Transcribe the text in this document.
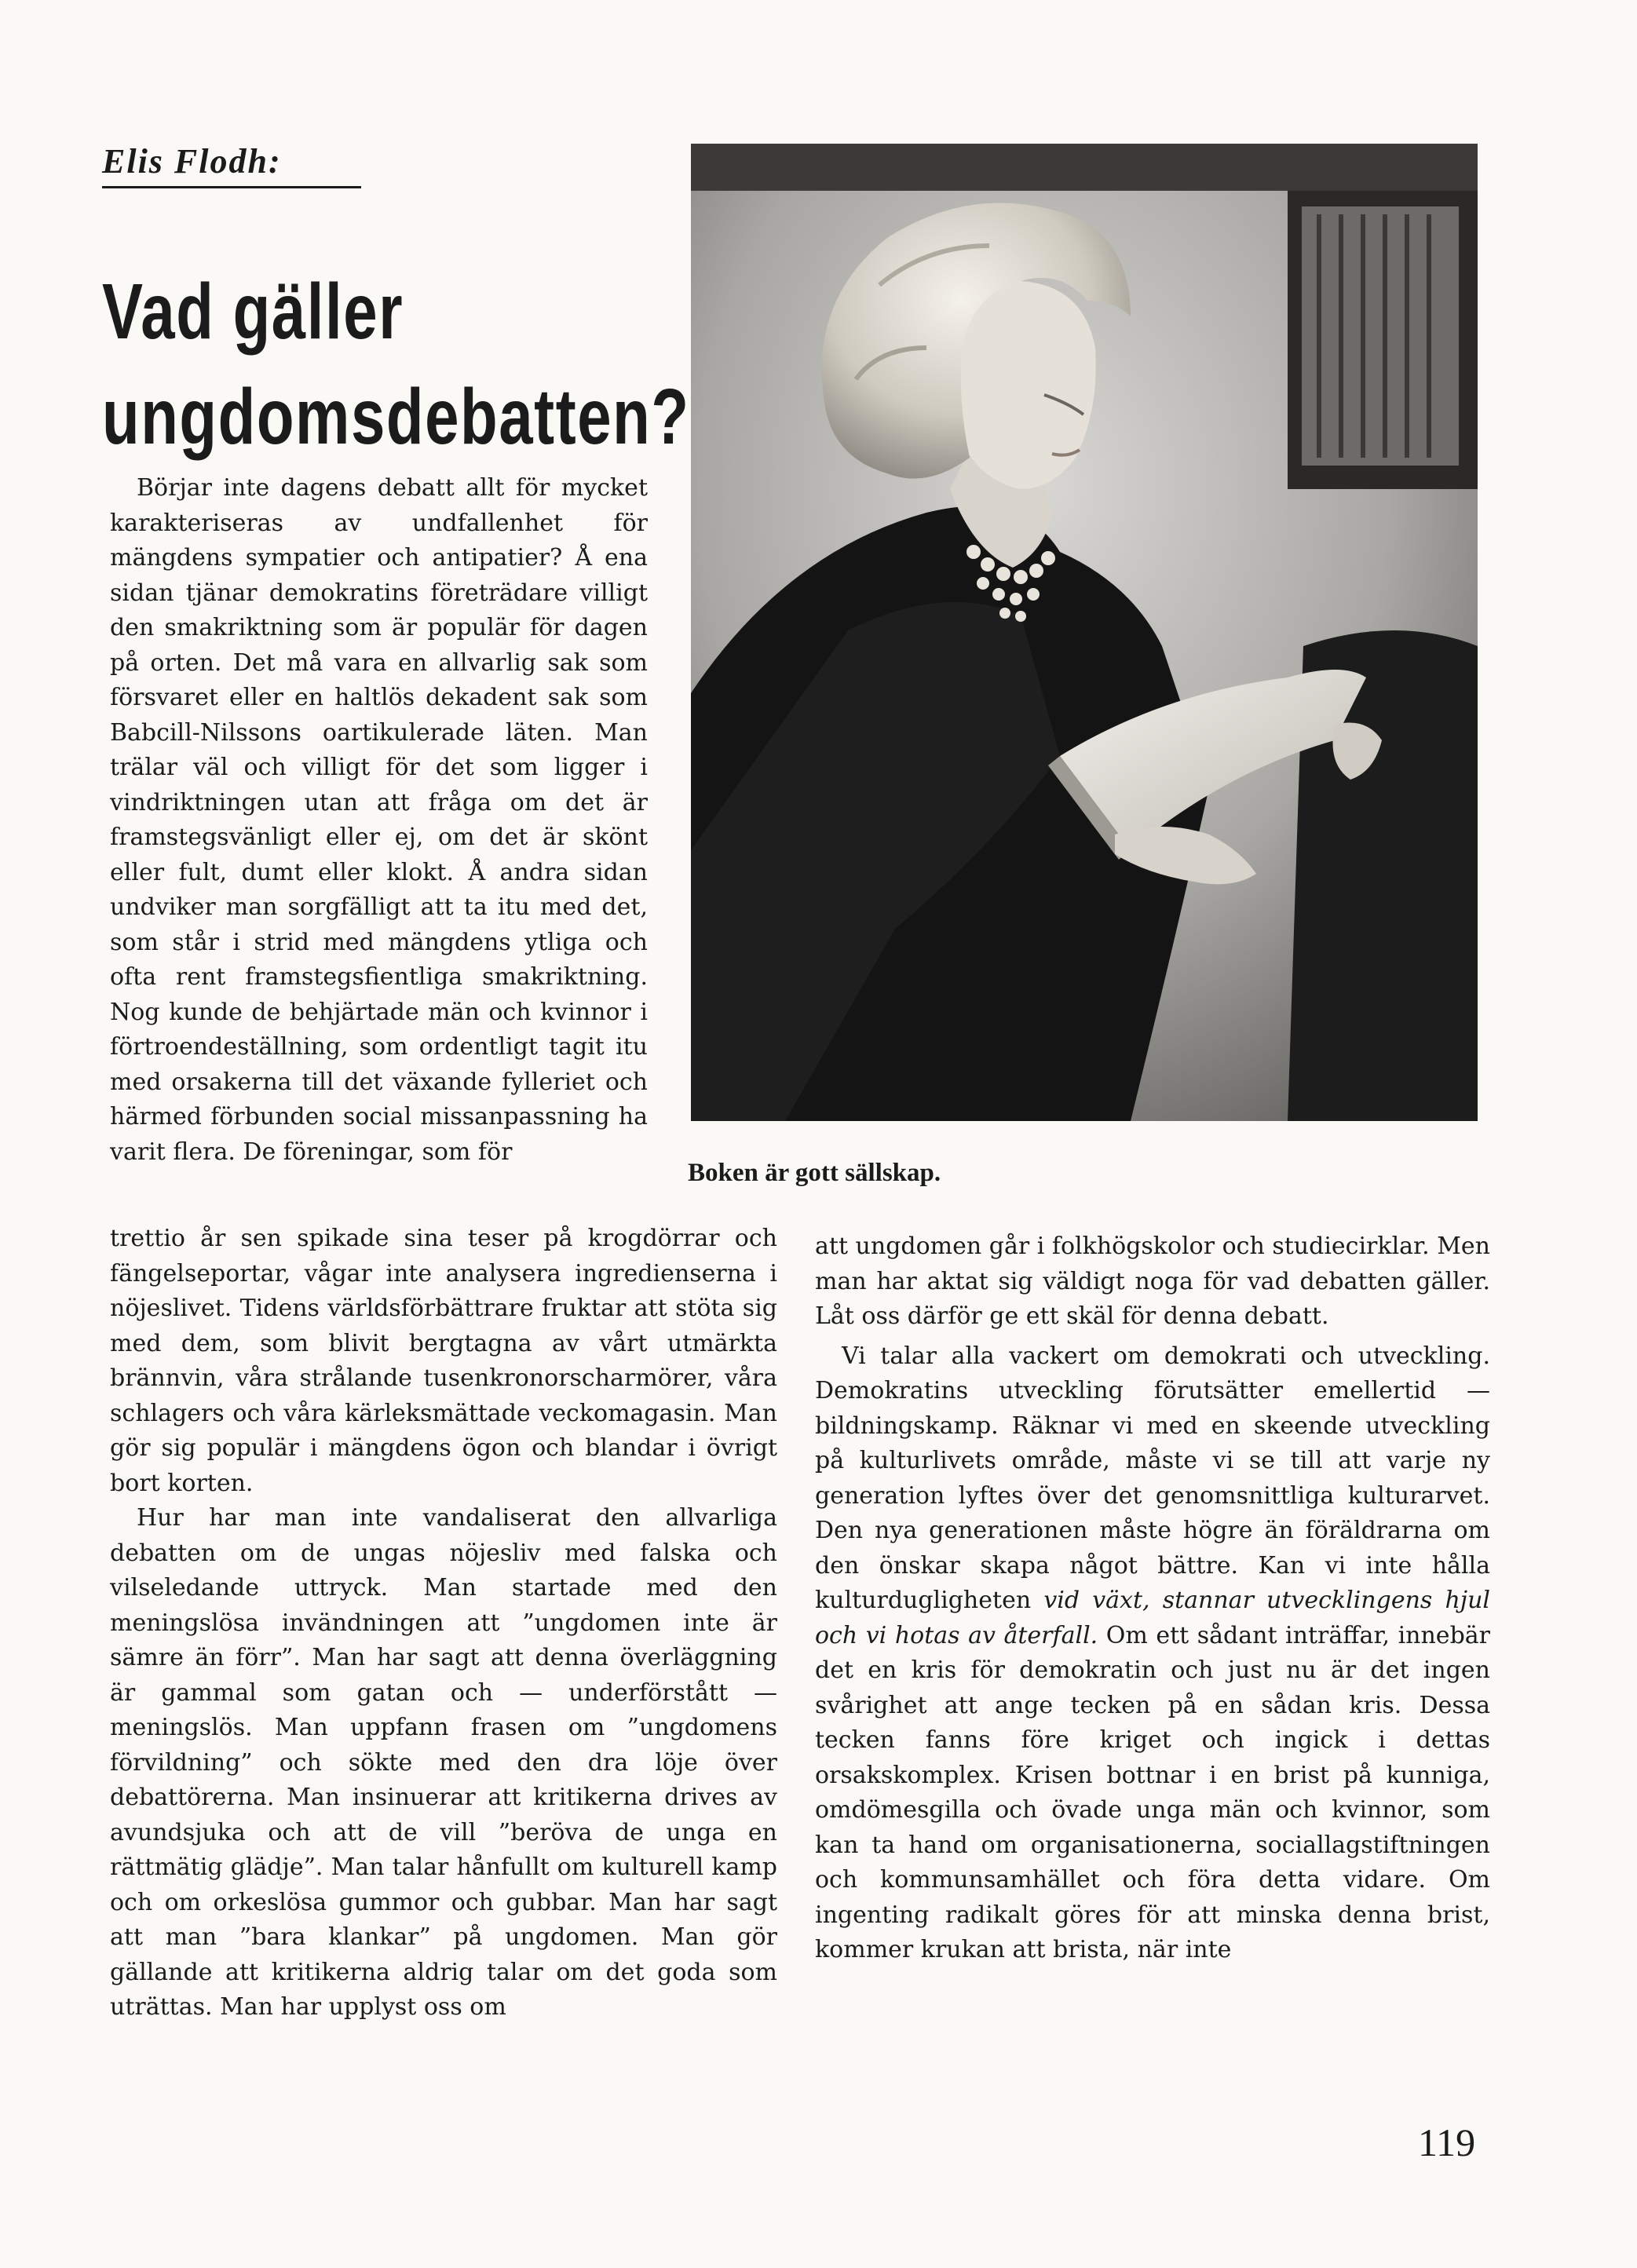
Elis Flodh:
Vad gäller
ungdomsdebatten?
Boken är gott sällskap.

Börjar inte dagens debatt allt för mycket karakteriseras av undfallenhet för mängdens sympatier och antipatier? Å ena sidan tjänar demokratins företrädare villigt den smakriktning som är populär för dagen på orten. Det må vara en allvarlig sak som försvaret eller en haltlös dekadent sak som Babcill-Nilssons oartikulerade läten. Man trälar väl och villigt för det som ligger i vindriktningen utan att fråga om det är framstegsvänligt eller ej, om det är skönt eller fult, dumt eller klokt. Å andra sidan undviker man sorgfälligt att ta itu med det, som står i strid med mängdens ytliga och ofta rent framstegsfientliga smakriktning. Nog kunde de behjärtade män och kvinnor i förtroendeställning, som ordentligt tagit itu med orsakerna till det växande fylleriet och härmed förbunden social missanpassning ha varit flera. De föreningar, som för

trettio år sen spikade sina teser på krogdörrar och fängelseportar, vågar inte analysera ingredienserna i nöjeslivet. Tidens världsförbättrare fruktar att stöta sig med dem, som blivit bergtagna av vårt utmärkta brännvin, våra strålande tusenkronorscharmörer, våra schlagers och våra kärleksmättade veckomagasin. Man gör sig populär i mängdens ögon och blandar i övrigt bort korten.

Hur har man inte vandaliserat den allvarliga debatten om de ungas nöjesliv med falska och vilseledande uttryck. Man startade med den meningslösa invändningen att ”ungdomen inte är sämre än förr”. Man har sagt att denna överläggning är gammal som gatan och — underförstått — meningslös. Man uppfann frasen om ”ungdomens förvildning” och sökte med den dra löje över debattörerna. Man insinuerar att kritikerna drives av avundsjuka och att de vill ”beröva de unga en rättmätig glädje”. Man talar hånfullt om kulturell kamp och om orkeslösa gummor och gubbar. Man har sagt att man ”bara klankar” på ungdomen. Man gör gällande att kritikerna aldrig talar om det goda som uträttas. Man har upplyst oss om

att ungdomen går i folkhögskolor och studiecirklar. Men man har aktat sig väldigt noga för vad debatten gäller. Låt oss därför ge ett skäl för denna debatt.

Vi talar alla vackert om demokrati och utveckling. Demokratins utveckling förutsätter emellertid — bildningskamp. Räknar vi med en skeende utveckling på kulturlivets område, måste vi se till att varje ny generation lyftes över det genomsnittliga kulturarvet. Den nya generationen måste högre än föräldrarna om den önskar skapa något bättre. Kan vi inte hålla kulturdugligheten vid växt, stannar utvecklingens hjul och vi hotas av återfall. Om ett sådant inträffar, innebär det en kris för demokratin och just nu är det ingen svårighet att ange tecken på en sådan kris. Dessa tecken fanns före kriget och ingick i dettas orsakskomplex. Krisen bottnar i en brist på kunniga, omdömesgilla och övade unga män och kvinnor, som kan ta hand om organisationerna, sociallagstiftningen och kommunsamhället och föra detta vidare. Om ingenting radikalt göres för att minska denna brist, kommer krukan att brista, när inte

119
